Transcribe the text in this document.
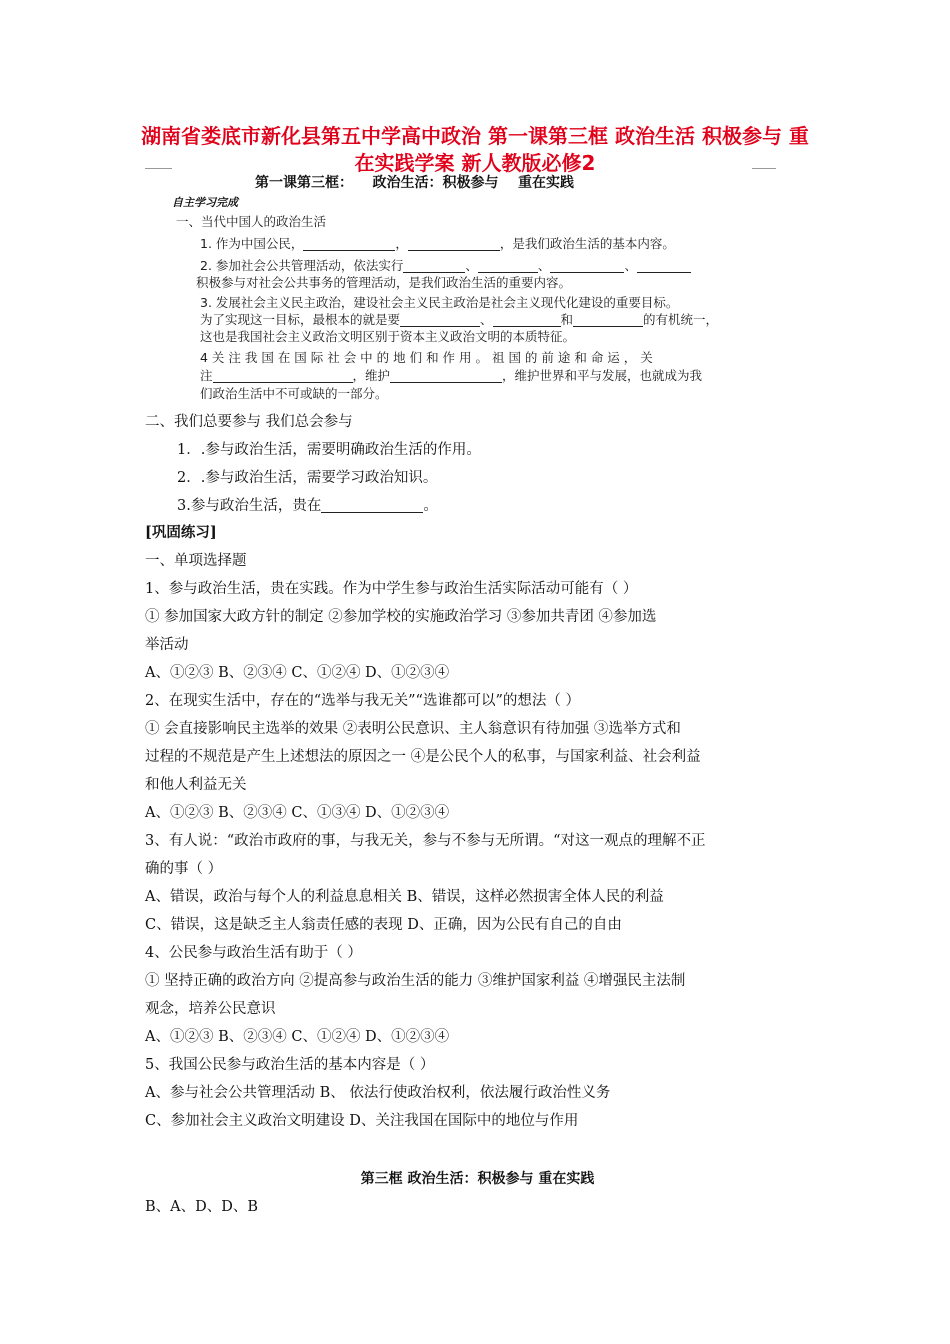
湖南省娄底市新化县第五中学高中政治 第一课第三框 政治生活 积极参与 重在实践学案 新人教版必修2
第一课第三框：    政治生活：积极参与    重在实践
自主学习完成
一、当代中国人的政治生活
1. 作为中国公民，	，	，是我们政治生活的基本内容。
2. 参加社会公共管理活动，依法实行	、	、	、
积极参与对社会公共事务的管理活动，是我们政治生活的重要内容。
3. 发展社会主义民主政治，建设社会主义民主政治是社会主义现代化建设的重要目标。
为了实现这一目标，最根本的就是要	、	和	的有机统一，
这也是我国社会主义政治文明区别于资本主义政治文明的本质特征。
4 关 注 我 国 在 国 际 社 会 中 的 地 们 和 作 用 。 祖 国 的 前 途 和 命 运 ， 关
注	，维护	，维护世界和平与发展，也就成为我
们政治生活中不可或缺的一部分。
二、我们总要参与 我们总会参与
1．.参与政治生活，需要明确政治生活的作用。
2．.参与政治生活，需要学习政治知识。
3.参与政治生活，贵在	。
[巩固练习]
一、单项选择题
1、参与政治生活，贵在实践。作为中学生参与政治生活实际活动可能有（ ）
① 参加国家大政方针的制定 ②参加学校的实施政治学习 ③参加共青团 ④参加选
举活动
A、①②③ B、②③④ C、①②④ D、①②③④
2、在现实生活中，存在的“选举与我无关”“选谁都可以”的想法（ ）
① 会直接影响民主选举的效果 ②表明公民意识、主人翁意识有待加强 ③选举方式和
过程的不规范是产生上述想法的原因之一 ④是公民个人的私事，与国家利益、社会利益
和他人利益无关
A、①②③ B、②③④ C、①③④ D、①②③④
3、有人说：“政治市政府的事，与我无关，参与不参与无所谓。“对这一观点的理解不正
确的事（ ）
A、错误，政治与每个人的利益息息相关 B、错误，这样必然损害全体人民的利益
C、错误，这是缺乏主人翁责任感的表现 D、正确，因为公民有自己的自由
4、公民参与政治生活有助于（ ）
① 坚持正确的政治方向 ②提高参与政治生活的能力 ③维护国家利益 ④增强民主法制
观念，培养公民意识
A、①②③ B、②③④ C、①②④ D、①②③④
5、我国公民参与政治生活的基本内容是（ ）
A、参与社会公共管理活动 B、 依法行使政治权利，依法履行政治性义务
C、参加社会主义政治文明建设 D、关注我国在国际中的地位与作用
第三框 政治生活：积极参与 重在实践
B、A、D、D、B
